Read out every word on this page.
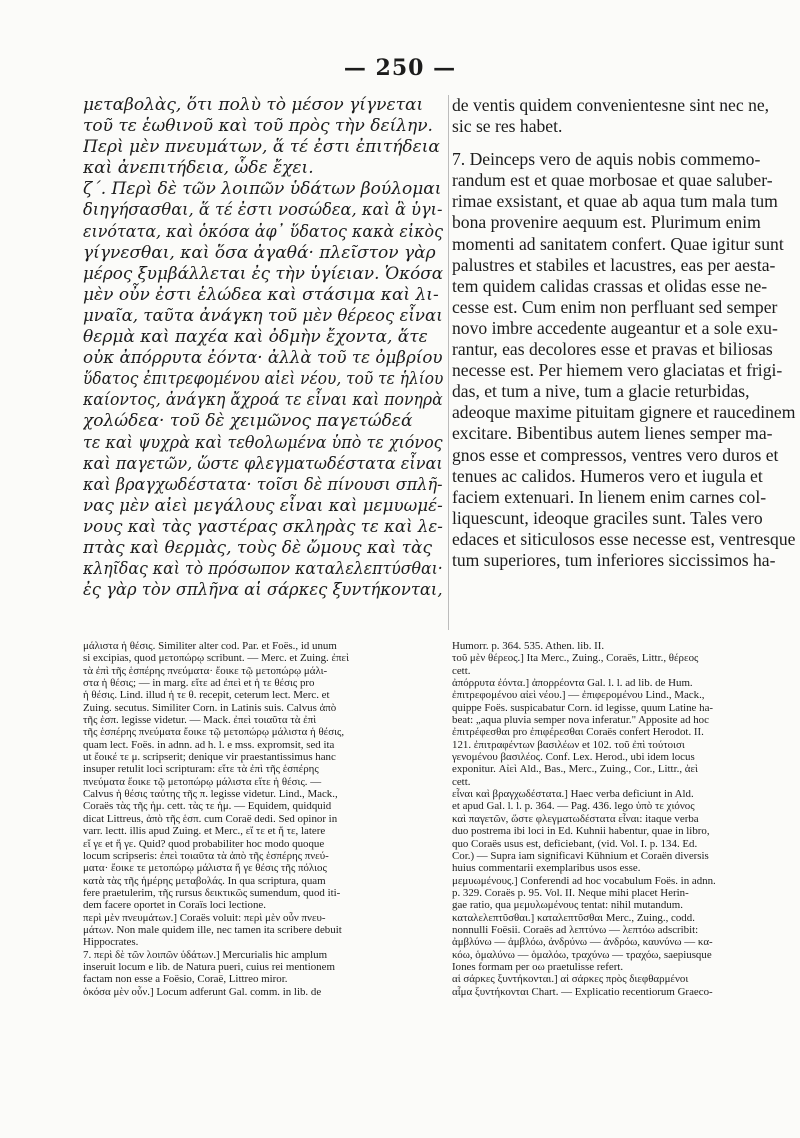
— 250 —
μεταβολὰς, ὅτι πολὺ τὸ μέσον γίγνεται
τοῦ τε ἑωθινοῦ καὶ τοῦ πρὸς τὴν δείλην.
Περὶ μὲν πνευμάτων, ἅ τέ ἐστι ἐπιτήδεια
καὶ ἀνεπιτήδεια, ὧδε ἔχει.
ζ´. Περὶ δὲ τῶν λοιπῶν ὑδάτων βούλομαι
διηγήσασθαι, ἅ τέ ἐστι νοσώδεα, καὶ ἃ ὑγι-
εινότατα, καὶ ὁκόσα ἀφ᾽ ὕδατος κακὰ εἰκὸς
γίγνεσθαι, καὶ ὅσα ἀγαθά· πλεῖστον γὰρ
μέρος ξυμβάλλεται ἐς τὴν ὑγίειαν. Ὁκόσα
μὲν οὖν ἐστι ἑλώδεα καὶ στάσιμα καὶ λι-
μναῖα, ταῦτα ἀνάγκη τοῦ μὲν θέρεος εἶναι
θερμὰ καὶ παχέα καὶ ὀδμὴν ἔχοντα, ἅτε
οὐκ ἀπόρρυτα ἐόντα· ἀλλὰ τοῦ τε ὀμβρίου
ὕδατος ἐπιτρεφομένου αἰεὶ νέου, τοῦ τε ἡλίου
καίοντος, ἀνάγκη ἄχροά τε εἶναι καὶ πονηρὰ
χολώδεα· τοῦ δὲ χειμῶνος παγετώδεά
τε καὶ ψυχρὰ καὶ τεθολωμένα ὑπὸ τε χιόνος
καὶ παγετῶν, ὥστε φλεγματωδέστατα εἶναι
καὶ βραγχωδέστατα· τοῖσι δὲ πίνουσι σπλῆ-
νας μὲν αἰεὶ μεγάλους εἶναι καὶ μεμυωμέ-
νους καὶ τὰς γαστέρας σκληρὰς τε καὶ λε-
πτὰς καὶ θερμὰς, τοὺς δὲ ὤμους καὶ τὰς
κληῖδας καὶ τὸ πρόσωπον καταλελεπτύσθαι·
ἐς γὰρ τὸν σπλῆνα αἱ σάρκες ξυντήκονται,
de ventis quidem convenientesne sint nec ne,
sic se res habet.
7. Deinceps vero de aquis nobis commemo-
randum est et quae morbosae et quae saluber-
rimae exsistant, et quae ab aqua tum mala tum
bona provenire aequum est. Plurimum enim
momenti ad sanitatem confert. Quae igitur sunt
palustres et stabiles et lacustres, eas per aesta-
tem quidem calidas crassas et olidas esse ne-
cesse est. Cum enim non perfluant sed semper
novo imbre accedente augeantur et a sole exu-
rantur, eas decolores esse et pravas et biliosas
necesse est. Per hiemem vero glaciatas et frigi-
das, et tum a nive, tum a glacie returbidas,
adeoque maxime pituitam gignere et raucedinem
excitare. Bibentibus autem lienes semper ma-
gnos esse et compressos, ventres vero duros et
tenues ac calidos. Humeros vero et iugula et
faciem extenuari. In lienem enim carnes col-
liquescunt, ideoque graciles sunt. Tales vero
edaces et siticulosos esse necesse est, ventresque
tum superiores, tum inferiores siccissimos ha-
μάλιστα ἡ θέσις. Similiter alter cod. Par. et Foës., id unum
si excipias, quod μετοπώρῳ scribunt. — Merc. et Zuing. ἐπεὶ
τὰ ἐπὶ τῆς ἑσπέρης πνεύματα· ἔοικε τῷ μετοπώρῳ μάλι-
στα ἡ θέσις; — in marg. εἴτε ad ἐπεὶ et ἡ τε θέσις pro
ἡ θέσις. Lind. illud ἡ τε θ. recepit, ceterum lect. Merc. et
Zuing. secutus. Similiter Corn. in Latinis suis. Calvus ἀπὸ
τῆς ἑσπ. legisse videtur. — Mack. ἐπεὶ τοιαῦτα τὰ ἐπὶ
τῆς ἑσπέρης πνεύματα ἔοικε τῷ μετοπώρῳ μάλιστα ἡ θέσις,
quam lect. Foës. in adnn. ad h. l. e mss. expromsit, sed ita
ut ἔοικέ τε μ. scripserit; denique vir praestantissimus hanc
insuper retulit loci scripturam: εἴτε τὰ ἐπὶ τῆς ἑσπέρης
πνεύματα ἔοικε τῷ μετοπώρῳ μάλιστα εἴτε ἡ θέσις. —
Calvus ἡ θέσις ταύτης τῆς π. legisse videtur. Lind., Mack.,
Coraës τὰς τῆς ἡμ. cett. τὰς τε ἡμ. — Equidem, quidquid
dicat Littreus, ἀπὸ τῆς ἑσπ. cum Coraë dedi. Sed opinor in
varr. lectt. illis apud Zuing. et Merc., εἴ τε et ἥ τε, latere
εἴ γε et ἥ γε. Quid? quod probabiliter hoc modo quoque
locum scripseris: ἐπεὶ τοιαῦτα τὰ ἀπὸ τῆς ἑσπέρης πνεύ-
ματα· ἔοικε τε μετοπώρῳ μάλιστα ἥ γε θέσις τῆς πόλιος
κατὰ τὰς τῆς ἡμέρης μεταβολάς. In qua scriptura, quam
fere praetulerim, τῆς rursus δεικτικῶς sumendum, quod iti-
dem facere oportet in Coraïs loci lectione.
περὶ μὲν πνευμάτων.] Coraës voluit: περὶ μὲν οὖν πνευ-
μάτων. Non male quidem ille, nec tamen ita scribere debuit
Hippocrates.
7. περὶ δὲ τῶν λοιπῶν ὑδάτων.] Mercurialis hic amplum
inseruit locum e lib. de Natura pueri, cuius rei mentionem
factam non esse a Foësio, Coraë, Littreo miror.
ὁκόσα μὲν οὖν.] Locum adferunt Gal. comm. in lib. de
Humorr. p. 364. 535. Athen. lib. II.
τοῦ μὲν θέρεος.] Ita Merc., Zuing., Coraës, Littr., θέρεος
cett.
ἀπόρρυτα ἐόντα.] ἀπορρέοντα Gal. l. l. ad lib. de Hum.
ἐπιτρεφομένου αἰεὶ νέου.] — ἐπιφερομένου Lind., Mack.,
quippe Foës. suspicabatur Corn. id legisse, quum Latine ha-
beat: „aqua pluvia semper nova inferatur." Apposite ad hoc
ἐπιτρέφεσθαι pro ἐπιφέρεσθαι Coraës confert Herodot. II.
121. ἐπιτραφέντων βασιλέων et 102. τοῦ ἐπὶ τούτοισι
γενομένου βασιλέος. Conf. Lex. Herod., ubi idem locus
exponitur. Αἰεὶ Ald., Bas., Merc., Zuing., Cor., Littr., ἀεὶ
cett.
εἶναι καὶ βραγχωδέστατα.] Haec verba deficiunt in Ald.
et apud Gal. l. l. p. 364. — Pag. 436. lego ὑπὸ τε χιόνος
καὶ παγετῶν, ὥστε φλεγματωδέστατα εἶναι: itaque verba
duo postrema ibi loci in Ed. Kuhnii habentur, quae in libro,
quo Coraës usus est, deficiebant, (vid. Vol. I. p. 134. Ed.
Cor.) — Supra iam significavi Kühnium et Coraën diversis
huius commentarii exemplaribus usos esse.
μεμυωμένους.] Conferendi ad hoc vocabulum Foës. in adnn.
p. 329. Coraës p. 95. Vol. II. Neque mihi placet Herin-
gae ratio, qua μεμυλωμένους tentat: nihil mutandum.
καταλελεπτῦσθαι.] καταλεπτῦσθαι Merc., Zuing., codd.
nonnulli Foësii. Coraës ad λεπτύνω — λεπτόω adscribit:
ἀμβλύνω — ἀμβλόω, ἀνδρύνω — ἀνδρόω, καυνύνω — κα-
κόω, ὁμαλύνω — ὁμαλόω, τραχύνω — τραχόω, saepiusque
Iones formam per οω praetulisse refert.
αἱ σάρκες ξυντήκονται.] αἱ σάρκες πρὸς διεφθαρμένοι
αἷμα ξυντήκονται Chart. — Explicatio recentiorum Graeco-
